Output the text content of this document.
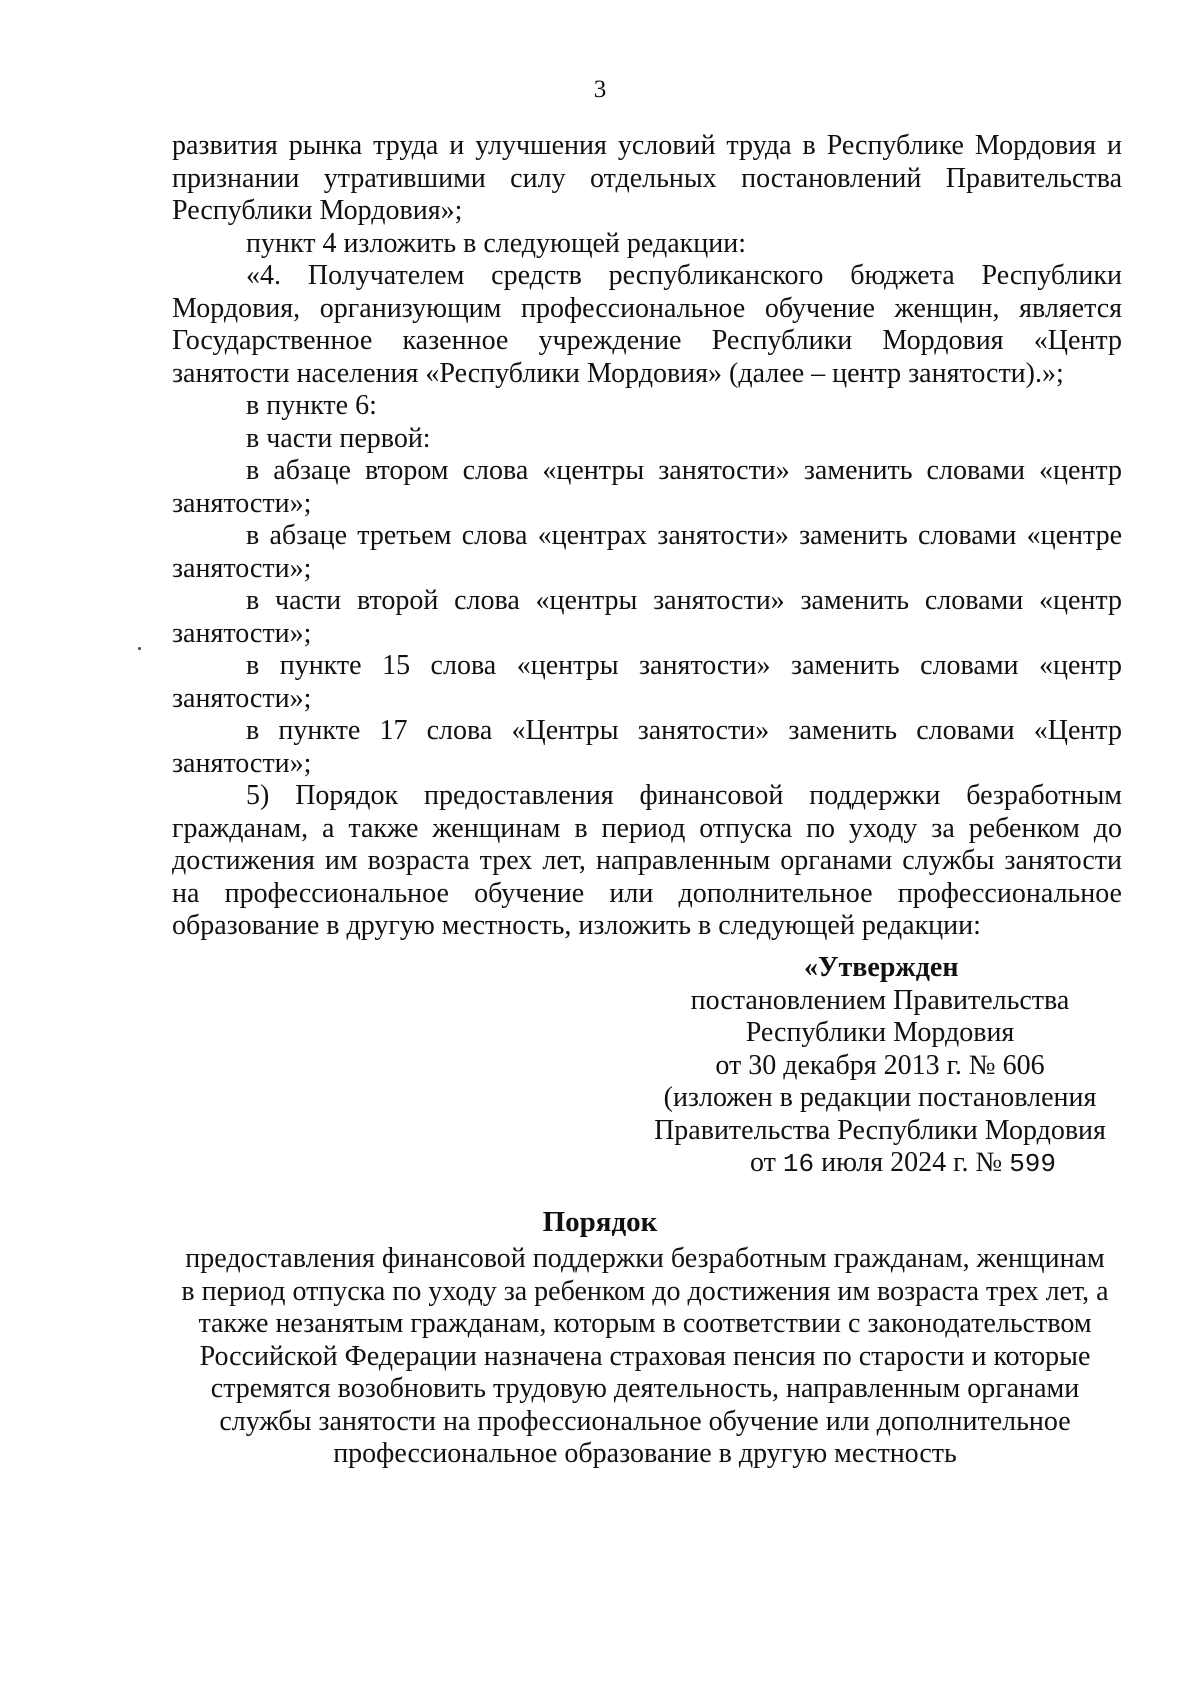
3

развития рынка труда и улучшения условий труда в Республике Мордовия и признании утратившими силу отдельных постановлений Правительства Республики Мордовия»;

пункт 4 изложить в следующей редакции:

«4. Получателем средств республиканского бюджета Республики Мордовия, организующим профессиональное обучение женщин, является Государственное казенное учреждение Республики Мордовия «Центр занятости населения «Республики Мордовия» (далее – центр занятости).»;

в пункте 6:

в части первой:

в абзаце втором слова «центры занятости» заменить словами «центр занятости»;

в абзаце третьем слова «центрах занятости» заменить словами «центре занятости»;

в части второй слова «центры занятости» заменить словами «центр занятости»;

в пункте 15 слова «центры занятости» заменить словами «центр занятости»;

в пункте 17 слова «Центры занятости» заменить словами «Центр занятости»;

5) Порядок предоставления финансовой поддержки безработным гражданам, а также женщинам в период отпуска по уходу за ребенком до достижения им возраста трех лет, направленным органами службы занятости на профессиональное обучение или дополнительное профессиональное образование в другую местность, изложить в следующей редакции:

«Утвержден
постановлением Правительства
Республики Мордовия
от 30 декабря 2013 г. № 606
(изложен в редакции постановления
Правительства Республики Мордовия
от 16 июля 2024 г. № 599
Порядок
предоставления финансовой поддержки безработным гражданам, женщинам
в период отпуска по уходу за ребенком до достижения им возраста трех лет, а
также незанятым гражданам, которым в соответствии с законодательством
Российской Федерации назначена страховая пенсия по старости и которые
стремятся возобновить трудовую деятельность, направленным органами
службы занятости на профессиональное обучение или дополнительное
профессиональное образование в другую местность
